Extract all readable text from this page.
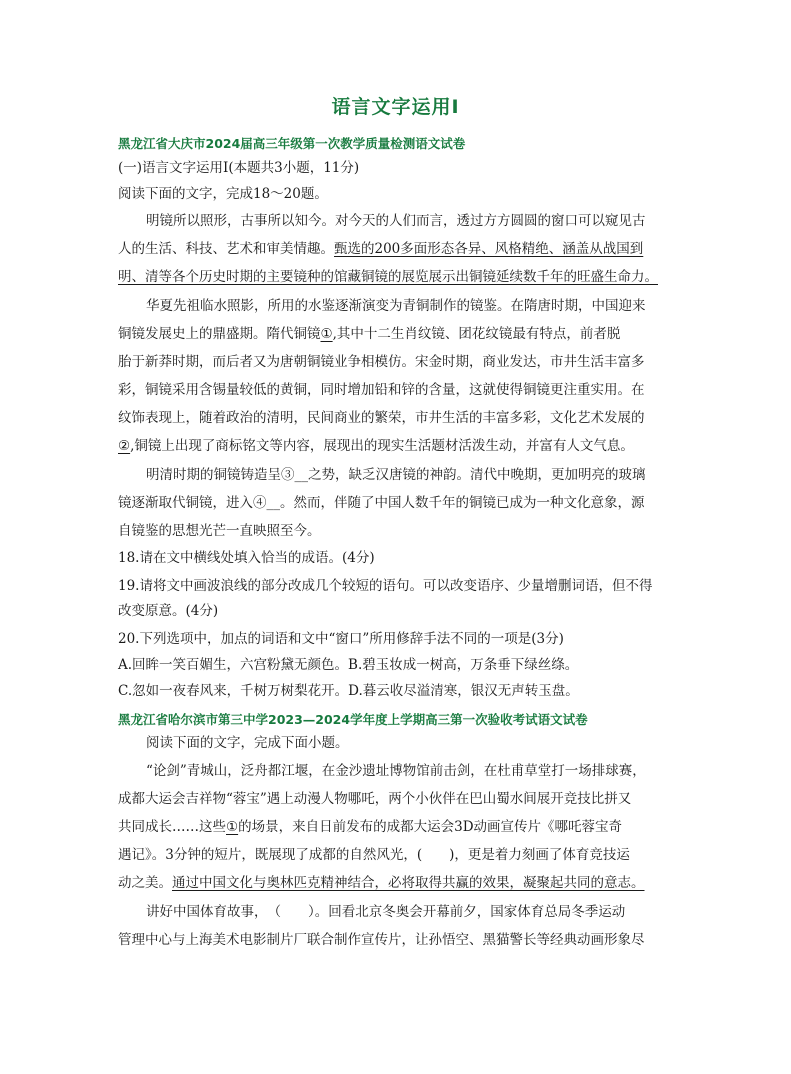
语言文字运用Ⅰ
黑龙江省大庆市2024届高三年级第一次教学质量检测语文试卷
(一)语言文字运用Ⅰ(本题共3小题，11分)
阅读下面的文字，完成18～20题。
明镜所以照形，古事所以知今。对今天的人们而言，透过方方圆圆的窗口可以窥见古
人的生活、科技、艺术和审美情趣。甄选的200多面形态各异、风格精绝、涵盖从战国到
明、清等各个历史时期的主要镜种的馆藏铜镜的展览展示出铜镜延续数千年的旺盛生命力。
华夏先祖临水照影，所用的水鉴逐渐演变为青铜制作的镜鉴。在隋唐时期，中国迎来
铜镜发展史上的鼎盛期。隋代铜镜①,其中十二生肖纹镜、团花纹镜最有特点，前者脱
胎于新莽时期，而后者又为唐朝铜镜业争相模仿。宋金时期，商业发达，市井生活丰富多
彩，铜镜采用含锡量较低的黄铜，同时增加铅和锌的含量，这就使得铜镜更注重实用。在
纹饰表现上，随着政治的清明，民间商业的繁荣，市井生活的丰富多彩，文化艺术发展的
②,铜镜上出现了商标铭文等内容，展现出的现实生活题材活泼生动，并富有人文气息。
明清时期的铜镜铸造呈③__之势，缺乏汉唐镜的神韵。清代中晚期，更加明亮的玻璃
镜逐渐取代铜镜，进入④__。然而，伴随了中国人数千年的铜镜已成为一种文化意象，源
自镜鉴的思想光芒一直映照至今。
18.请在文中横线处填入恰当的成语。(4分)
19.请将文中画波浪线的部分改成几个较短的语句。可以改变语序、少量增删词语，但不得
改变原意。(4分)
20.下列选项中，加点的词语和文中“窗口”所用修辞手法不同的一项是(3分)
A.回眸一笑百媚生，六宫粉黛无颜色。B.碧玉妆成一树高，万条垂下绿丝绦。
C.忽如一夜春风来，千树万树梨花开。D.暮云收尽溢清寒，银汉无声转玉盘。
黑龙江省哈尔滨市第三中学2023—2024学年度上学期高三第一次验收考试语文试卷
阅读下面的文字，完成下面小题。
“论剑”青城山，泛舟都江堰，在金沙遗址博物馆前击剑，在杜甫草堂打一场排球赛，
成都大运会吉祥物“蓉宝”遇上动漫人物哪吒，两个小伙伴在巴山蜀水间展开竞技比拼又
共同成长……这些①的场景，来自日前发布的成都大运会3D动画宣传片《哪吒蓉宝奇
遇记》。3分钟的短片，既展现了成都的自然风光，(　　)，更是着力刻画了体育竞技运
动之美。通过中国文化与奥林匹克精神结合，必将取得共赢的效果，凝聚起共同的意志。
讲好中国体育故事，　（　　）。回看北京冬奥会开幕前夕，国家体育总局冬季运动
管理中心与上海美术电影制片厂联合制作宣传片，让孙悟空、黑猫警长等经典动画形象尽
